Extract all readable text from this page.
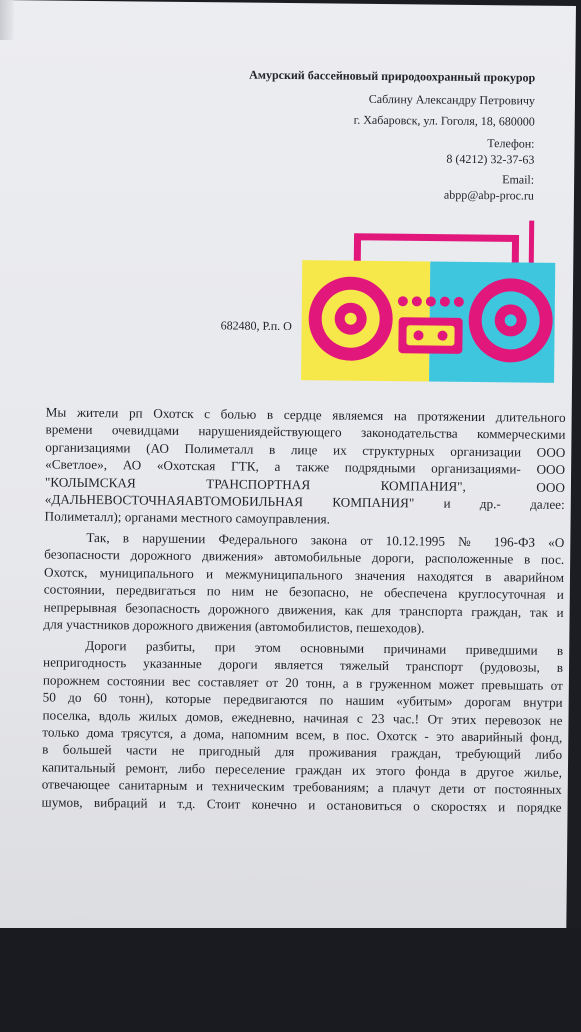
Амурский бассейновый природоохранный прокурор
Саблину Александру Петровичу
г. Хабаровск, ул. Гоголя, 18, 680000
Телефон:
8 (4212) 32-37-63
Email:
abpp@abp-proc.ru
682480, Р.п. О
Мы жители рп Охотск с болью в сердце являемся на протяжении длительного
времени очевидцами нарушениядействующего законодательства коммерческими
организациями (АО Полиметалл в лице их структурных организации ООО
«Светлое», АО «Охотская ГТК, а также подрядными организациями- ООО
"КОЛЫМСКАЯ ТРАНСПОРТНАЯ КОМПАНИЯ", ООО
«ДАЛЬНЕВОСТОЧНАЯАВТОМОБИЛЬНАЯ КОМПАНИЯ" и др.- далее:
Полиметалл); органами местного самоуправления.
Так, в нарушении Федерального закона от 10.12.1995 № 196-ФЗ «О
безопасности дорожного движения» автомобильные дороги, расположенные в пос.
Охотск, муниципального и межмуниципального значения находятся в аварийном
состоянии, передвигаться по ним не безопасно, не обеспечена круглосуточная и
непрерывная безопасность дорожного движения, как для транспорта граждан, так и
для участников дорожного движения (автомобилистов, пешеходов).
Дороги разбиты, при этом основными причинами приведшими в
непригодность указанные дороги является тяжелый транспорт (рудовозы, в
порожнем состоянии вес составляет от 20 тонн, а в груженном может превышать от
50 до 60 тонн), которые передвигаются по нашим «убитым» дорогам внутри
поселка, вдоль жилых домов, ежедневно, начиная с 23 час.! От этих перевозок не
только дома трясутся, а дома, напомним всем, в пос. Охотск - это аварийный фонд,
в большей части не пригодный для проживания граждан, требующий либо
капитальный ремонт, либо переселение граждан их этого фонда в другое жилье,
отвечающее санитарным и техническим требованиям; а плачут дети от постоянных
шумов, вибраций и т.д. Стоит конечно и остановиться о скоростях и порядке
